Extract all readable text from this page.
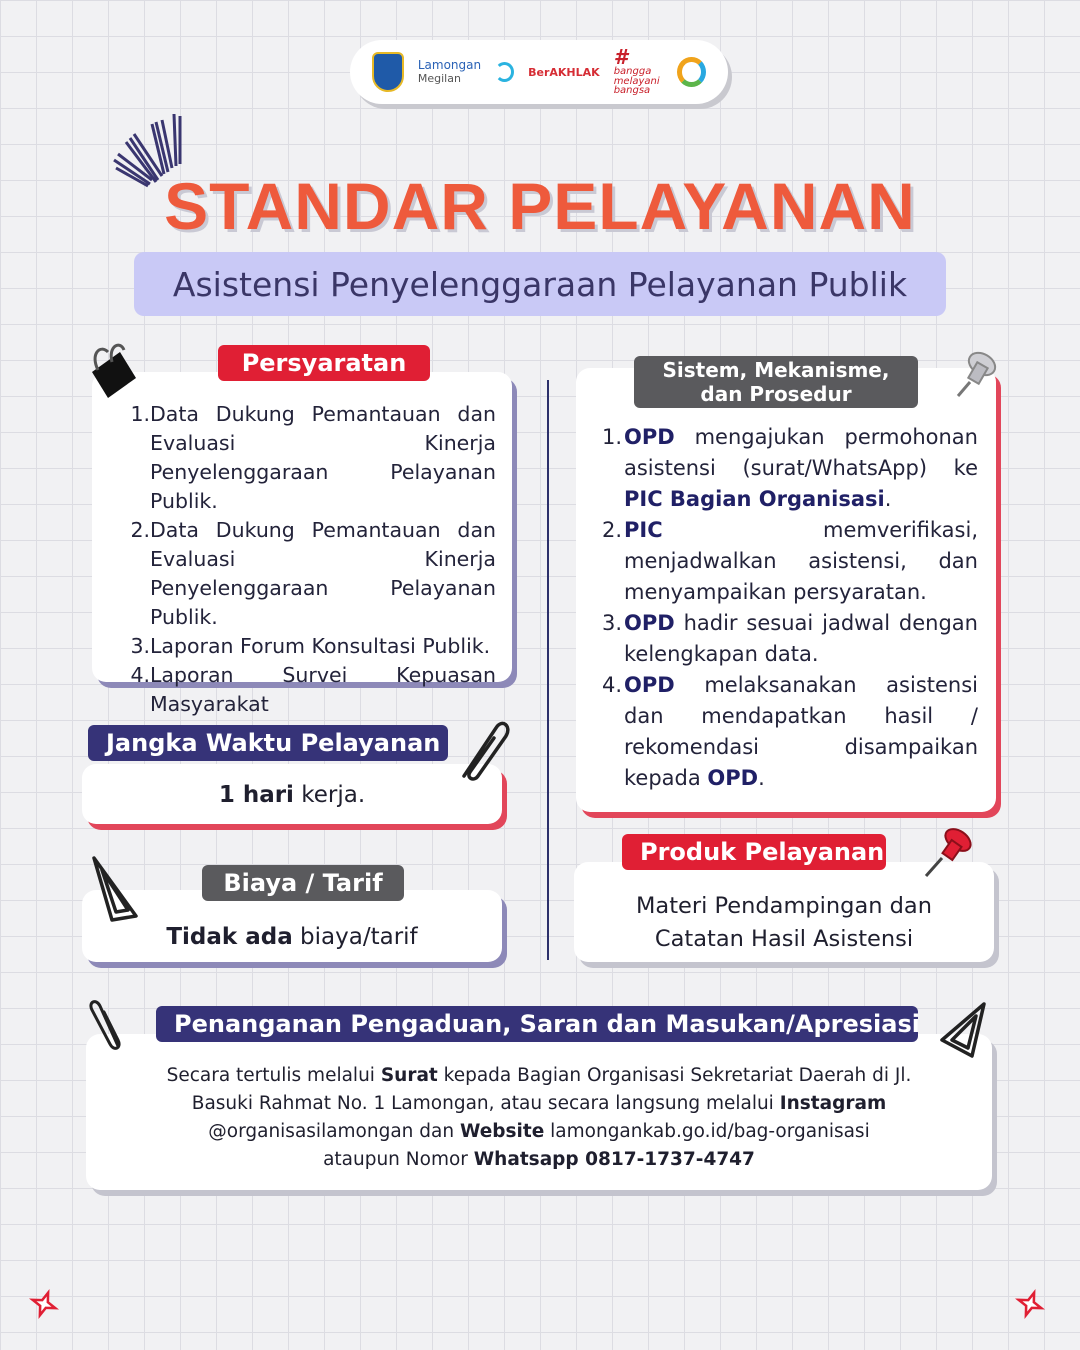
Lamongan
Megilan	BerAKHLAK
#
bangga
melayani
bangsa
STANDAR PELAYANAN
Asistensi Penyelenggaraan Pelayanan Publik
1. Data Dukung Pemantauan dan Evaluasi Kinerja Penyelenggaraan Pelayanan Publik.
2. Data Dukung Pemantauan dan Evaluasi Kinerja Penyelenggaraan Pelayanan Publik.
3. Laporan Forum Konsultasi Publik.
4. Laporan Survei Kepuasan Masyarakat
Persyaratan
1 hari kerja.
Jangka Waktu Pelayanan
Tidak ada biaya/tarif
Biaya / Tarif
1. OPD mengajukan permohonan asistensi (surat/WhatsApp) ke PIC Bagian Organisasi.
2. PIC memverifikasi, menjadwalkan asistensi, dan menyampaikan persyaratan.
3. OPD hadir sesuai jadwal dengan kelengkapan data.
4. OPD melaksanakan asistensi dan mendapatkan hasil / rekomendasi disampaikan kepada OPD.
Sistem, Mekanisme,
dan Prosedur
Materi Pendampingan dan
Catatan Hasil Asistensi
Produk Pelayanan
Secara tertulis melalui Surat kepada Bagian Organisasi Sekretariat Daerah di Jl.
Basuki Rahmat No. 1 Lamongan, atau secara langsung melalui Instagram
@organisasilamongan dan Website lamongankab.go.id/bag-organisasi
ataupun Nomor Whatsapp 0817-1737-4747
Penanganan Pengaduan, Saran dan Masukan/Apresiasi
